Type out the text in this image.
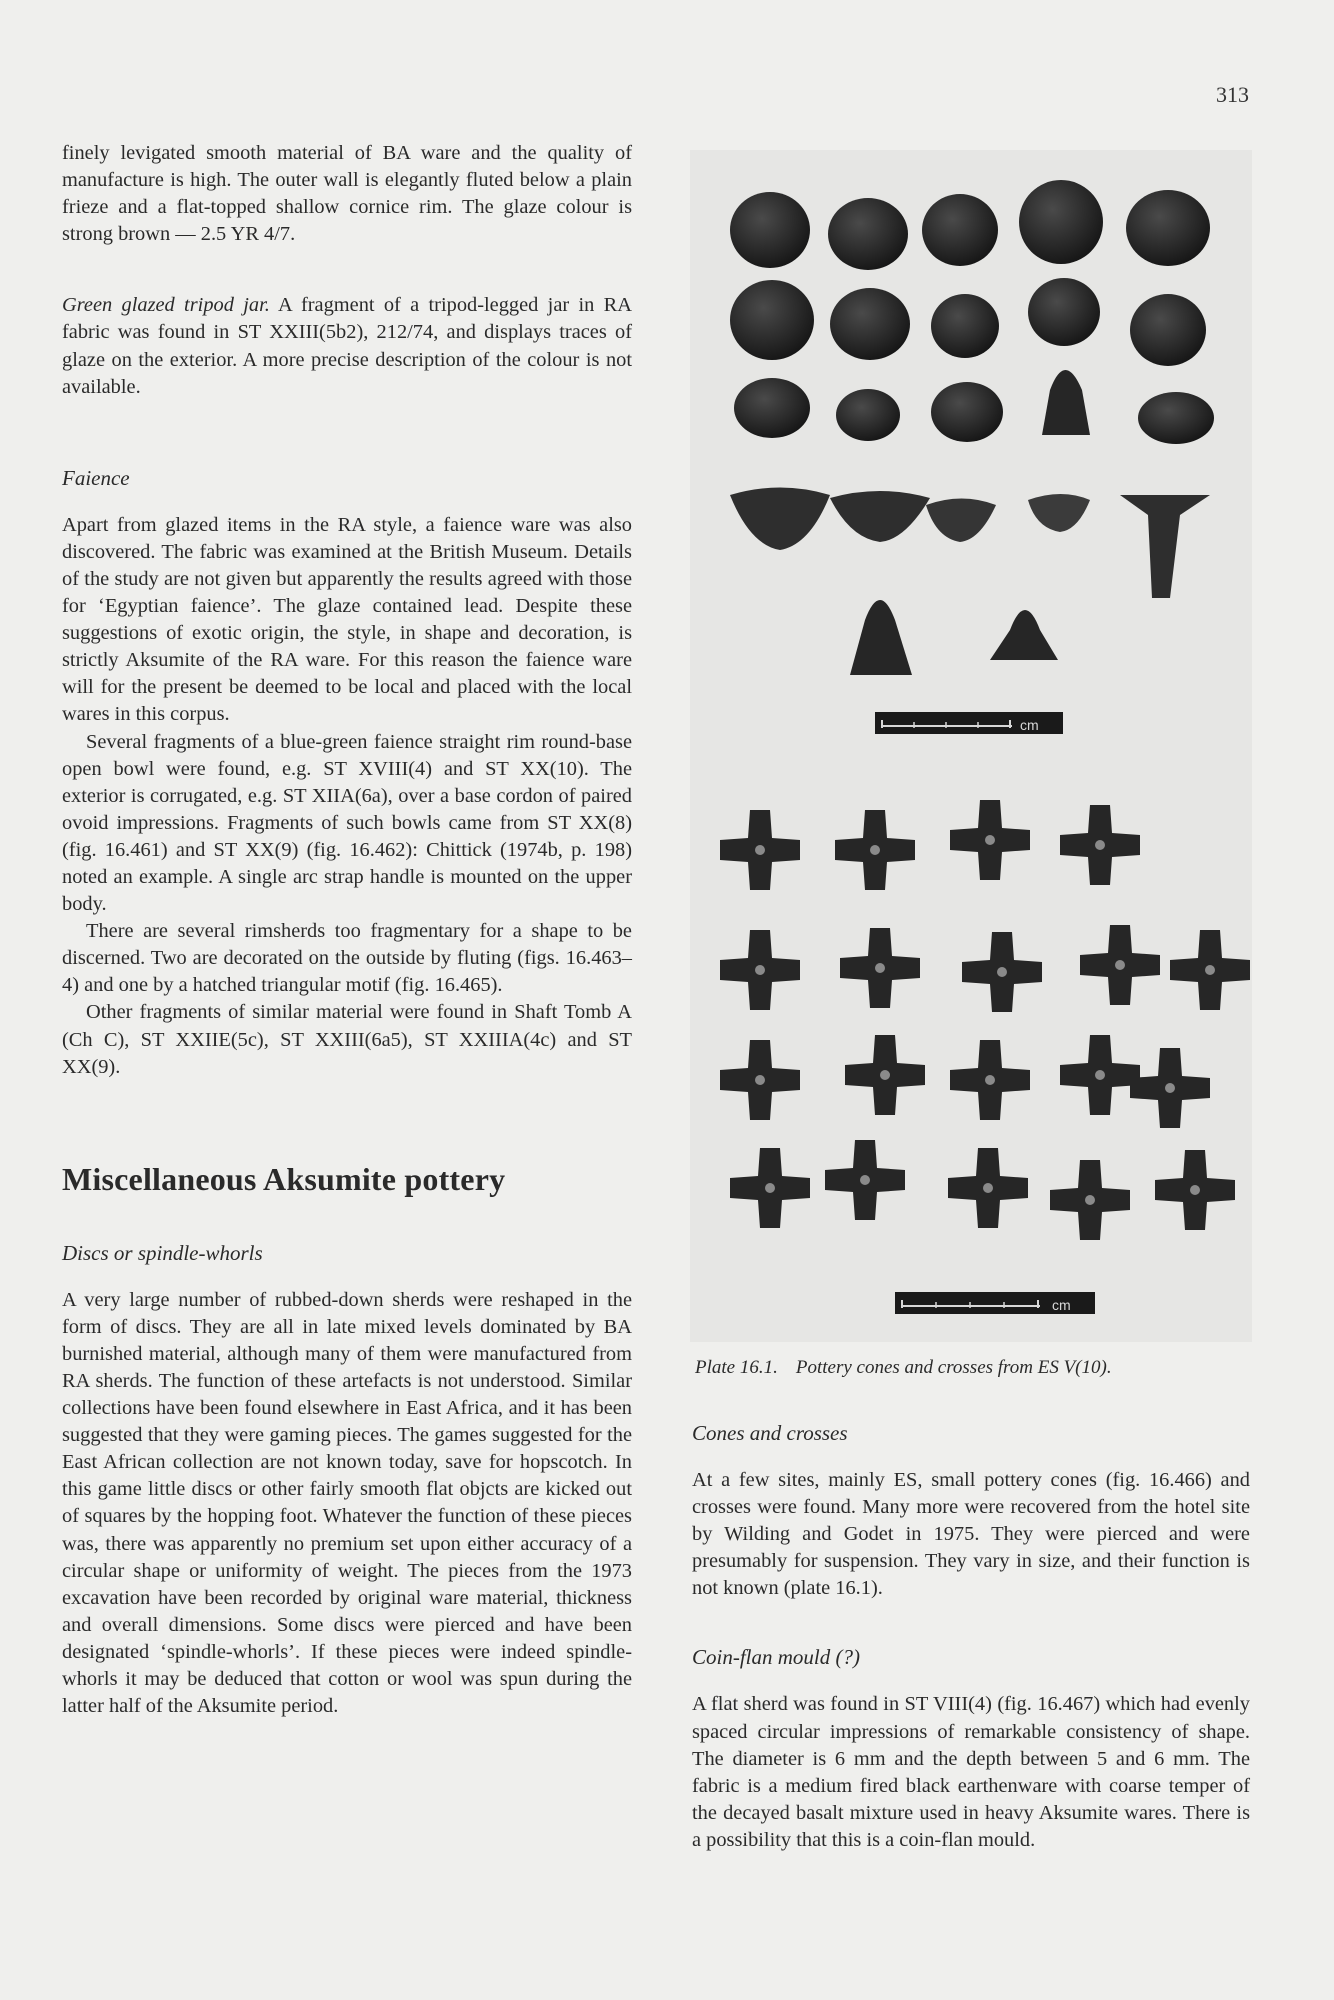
313

finely levigated smooth material of BA ware and the quality of manufacture is high. The outer wall is elegantly fluted below a plain frieze and a flat-topped shallow cornice rim. The glaze colour is strong brown — 2.5 YR 4/7.

Green glazed tripod jar. A fragment of a tripod-legged jar in RA fabric was found in ST XXIII(5b2), 212/74, and displays traces of glaze on the exterior. A more precise description of the colour is not available.

Faience

Apart from glazed items in the RA style, a faience ware was also discovered. The fabric was examined at the British Museum. Details of the study are not given but apparently the results agreed with those for ‘Egyptian faience’. The glaze contained lead. Despite these suggestions of exotic origin, the style, in shape and decoration, is strictly Aksumite of the RA ware. For this reason the faience ware will for the present be deemed to be local and placed with the local wares in this corpus.

Several fragments of a blue-green faience straight rim round-base open bowl were found, e.g. ST XVIII(4) and ST XX(10). The exterior is corrugated, e.g. ST XIIA(6a), over a base cordon of paired ovoid impressions. Fragments of such bowls came from ST XX(8) (fig. 16.461) and ST XX(9) (fig. 16.462): Chittick (1974b, p. 198) noted an example. A single arc strap handle is mounted on the upper body.

There are several rimsherds too fragmentary for a shape to be discerned. Two are decorated on the outside by fluting (figs. 16.463–4) and one by a hatched triangular motif (fig. 16.465).

Other fragments of similar material were found in Shaft Tomb A (Ch C), ST XXIIE(5c), ST XXIII(6a5), ST XXIIIA(4c) and ST XX(9).

Miscellaneous Aksumite pottery
Discs or spindle-whorls

A very large number of rubbed-down sherds were reshaped in the form of discs. They are all in late mixed levels dominated by BA burnished material, although many of them were manufactured from RA sherds. The function of these artefacts is not understood. Similar collections have been found elsewhere in East Africa, and it has been suggested that they were gaming pieces. The games suggested for the East African collection are not known today, save for hopscotch. In this game little discs or other fairly smooth flat objcts are kicked out of squares by the hopping foot. Whatever the function of these pieces was, there was apparently no premium set upon either accuracy of a circular shape or uniformity of weight. The pieces from the 1973 excavation have been recorded by original ware material, thickness and overall dimensions. Some discs were pierced and have been designated ‘spindle-whorls’. If these pieces were indeed spindle-whorls it may be deduced that cotton or wool was spun during the latter half of the Aksumite period.

cm
cm
Plate 16.1. Pottery cones and crosses from ES V(10).
Cones and crosses

At a few sites, mainly ES, small pottery cones (fig. 16.466) and crosses were found. Many more were recovered from the hotel site by Wilding and Godet in 1975. They were pierced and were presumably for suspension. They vary in size, and their function is not known (plate 16.1).

Coin-flan mould (?)

A flat sherd was found in ST VIII(4) (fig. 16.467) which had evenly spaced circular impressions of remarkable consistency of shape. The diameter is 6 mm and the depth between 5 and 6 mm. The fabric is a medium fired black earthenware with coarse temper of the decayed basalt mixture used in heavy Aksumite wares. There is a possibility that this is a coin-flan mould.
